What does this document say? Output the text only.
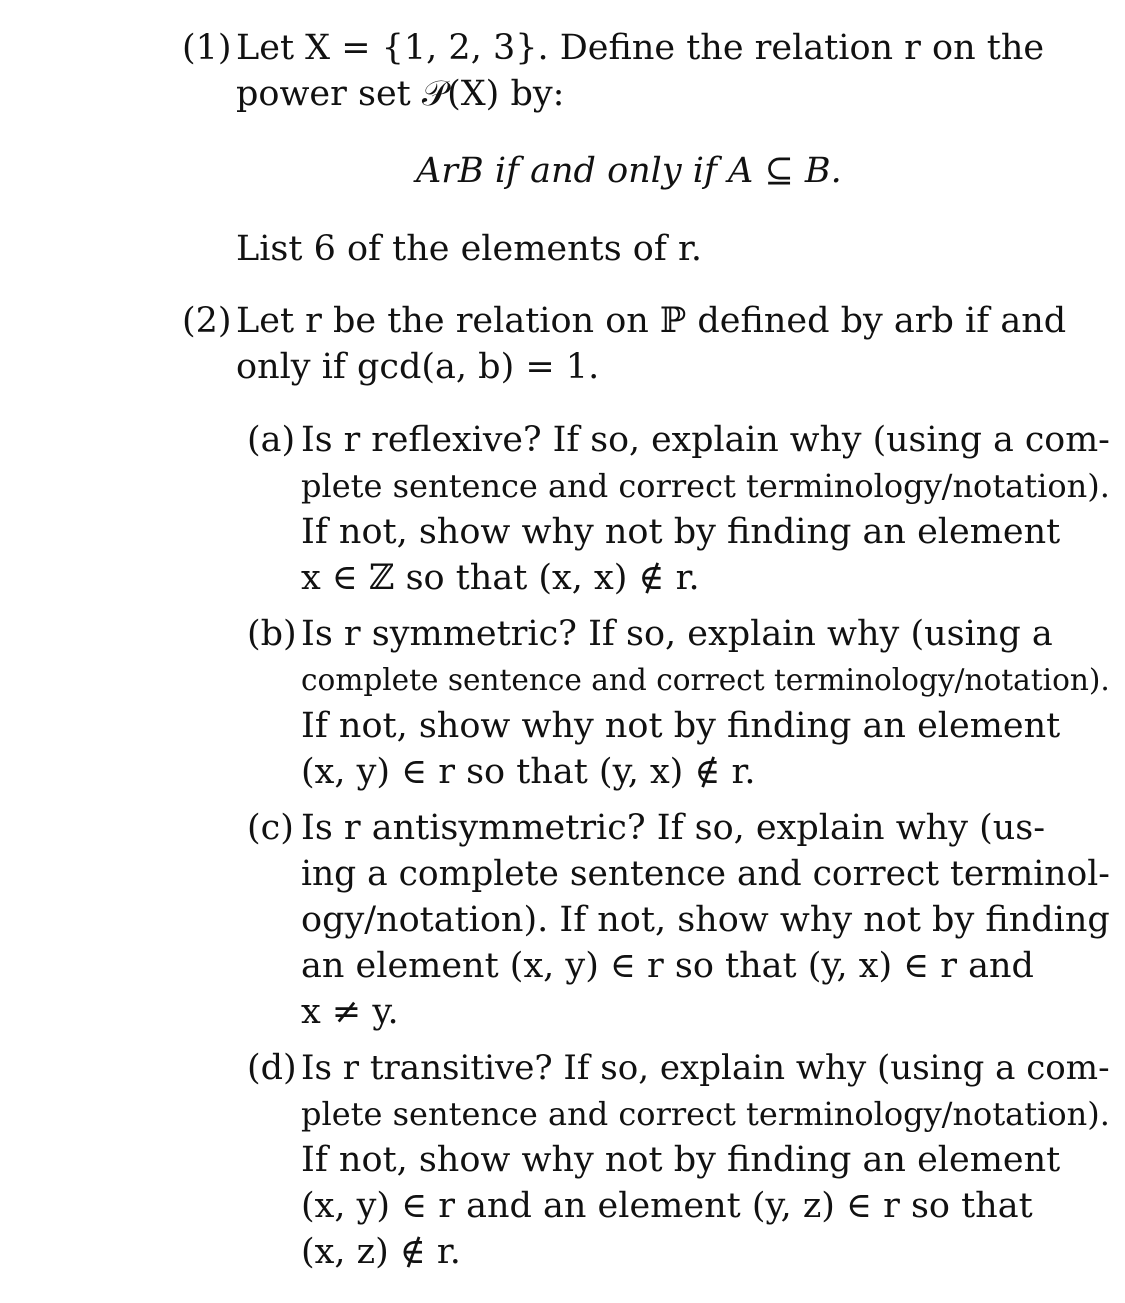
(1) Let X = {1, 2, 3}. Define the relation r on the
power set 𝒫(X) by:
ArB if and only if A ⊆ B.
List 6 of the elements of r.
(2) Let r be the relation on ℙ defined by arb if and
only if gcd(a, b) = 1.
(a) Is r reflexive? If so, explain why (using a com-
plete sentence and correct terminology/notation).
If not, show why not by finding an element
x ∈ ℤ so that (x, x) ∉ r.
(b) Is r symmetric? If so, explain why (using a
complete sentence and correct terminology/notation).
If not, show why not by finding an element
(x, y) ∈ r so that (y, x) ∉ r.
(c) Is r antisymmetric? If so, explain why (us-
ing a complete sentence and correct terminol-
ogy/notation). If not, show why not by finding
an element (x, y) ∈ r so that (y, x) ∈ r and
x ≠ y.
(d) Is r transitive? If so, explain why (using a com-
plete sentence and correct terminology/notation).
If not, show why not by finding an element
(x, y) ∈ r and an element (y, z) ∈ r so that
(x, z) ∉ r.
